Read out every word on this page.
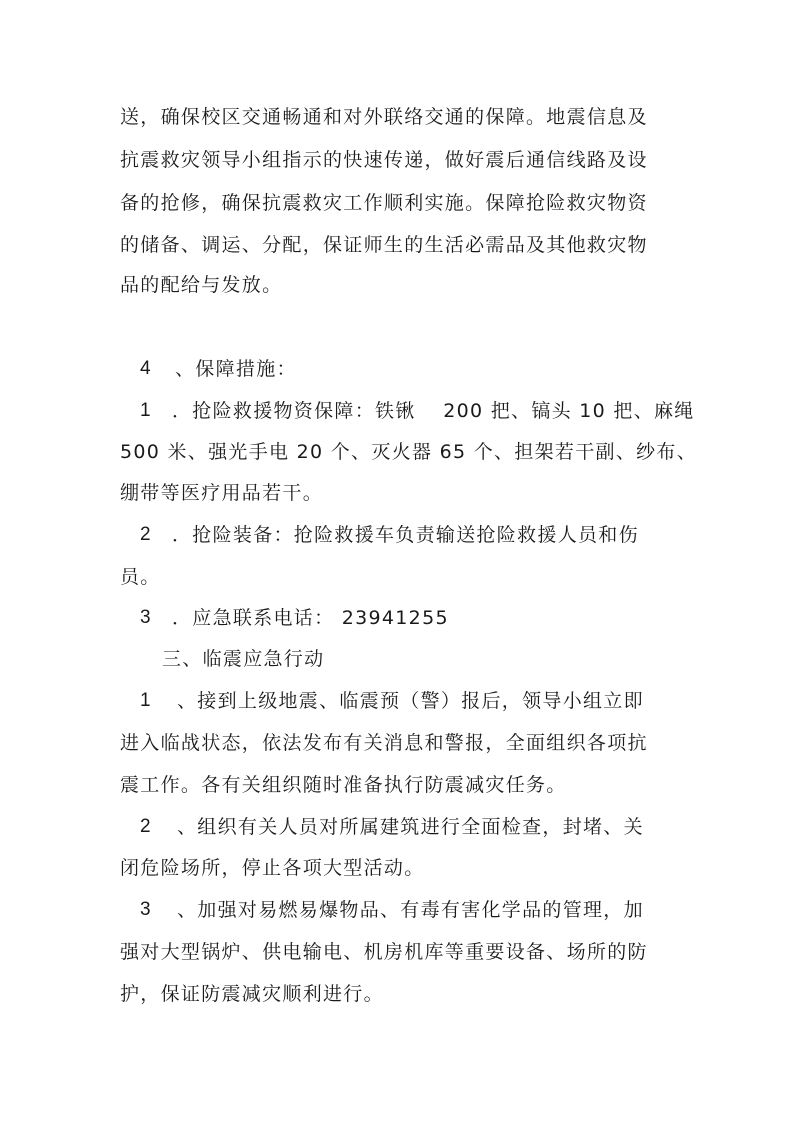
送，确保校区交通畅通和对外联络交通的保障。地震信息及
抗震救灾领导小组指示的快速传递，做好震后通信线路及设
备的抢修，确保抗震救灾工作顺利实施。保障抢险救灾物资
的储备、调运、分配，保证师生的生活必需品及其他救灾物
品的配给与发放。
4 、保障措施：
1 ．抢险救援物资保障：铁锹　 200 把、镐头 10 把、麻绳
500 米、强光手电 20 个、灭火器 65 个、担架若干副、纱布、
绷带等医疗用品若干。
2 ．抢险装备：抢险救援车负责输送抢险救援人员和伤
员。
3 ．应急联系电话： 23941255
三、临震应急行动
1 、接到上级地震、临震预（警）报后，领导小组立即
进入临战状态，依法发布有关消息和警报，全面组织各项抗
震工作。各有关组织随时准备执行防震减灾任务。
2 、组织有关人员对所属建筑进行全面检查，封堵、关
闭危险场所，停止各项大型活动。
3 、加强对易燃易爆物品、有毒有害化学品的管理，加
强对大型锅炉、供电输电、机房机库等重要设备、场所的防
护，保证防震减灾顺利进行。
